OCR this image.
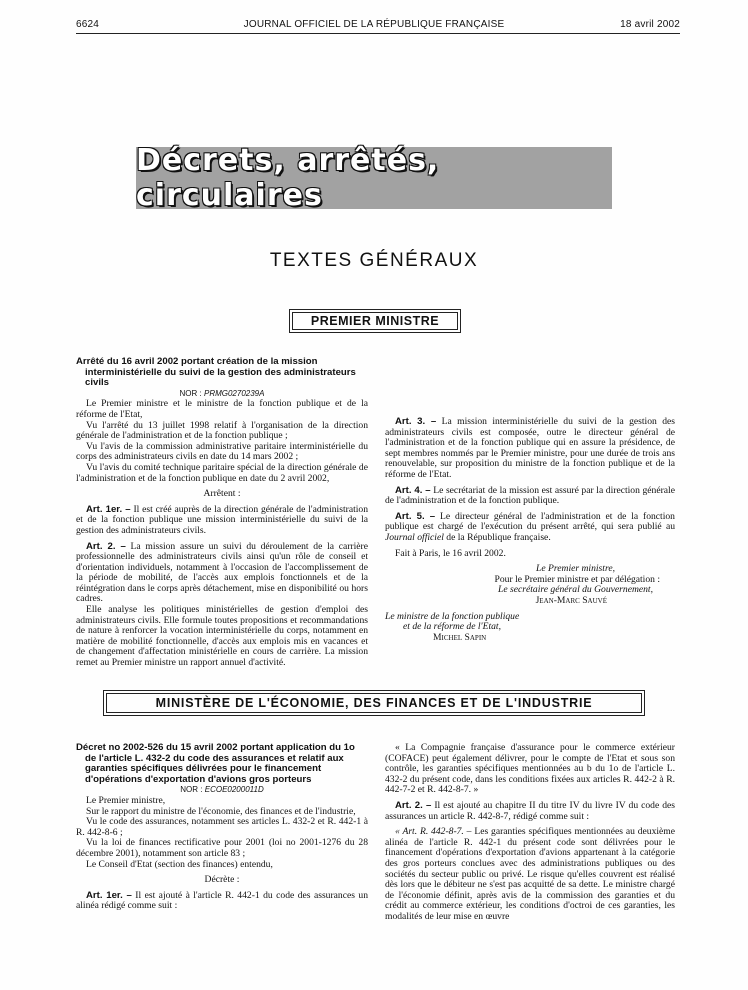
6624	JOURNAL OFFICIEL DE LA RÉPUBLIQUE FRANÇAISE	18 avril 2002
Décrets, arrêtés, circulaires
TEXTES GÉNÉRAUX
PREMIER MINISTRE

Arrêté du 16 avril 2002 portant création de la mission interministérielle du suivi de la gestion des administrateurs civils

NOR : PRMG0270239A

Le Premier ministre et le ministre de la fonction publique et de la réforme de l'Etat,

Vu l'arrêté du 13 juillet 1998 relatif à l'organisation de la direction générale de l'administration et de la fonction publique ;

Vu l'avis de la commission administrative paritaire interministérielle du corps des administrateurs civils en date du 14 mars 2002 ;

Vu l'avis du comité technique paritaire spécial de la direction générale de l'administration et de la fonction publique en date du 2 avril 2002,

Arrêtent :

Art. 1er. – Il est créé auprès de la direction générale de l'administration et de la fonction publique une mission interministérielle du suivi de la gestion des administrateurs civils.

Art. 2. – La mission assure un suivi du déroulement de la carrière professionnelle des administrateurs civils ainsi qu'un rôle de conseil et d'orientation individuels, notamment à l'occasion de l'accomplissement de la période de mobilité, de l'accès aux emplois fonctionnels et de la réintégration dans le corps après détachement, mise en disponibilité ou hors cadres.

Elle analyse les politiques ministérielles de gestion d'emploi des administrateurs civils. Elle formule toutes propositions et recommandations de nature à renforcer la vocation interministérielle du corps, notamment en matière de mobilité fonctionnelle, d'accès aux emplois mis en vacances et de changement d'affectation ministérielle en cours de carrière. La mission remet au Premier ministre un rapport annuel d'activité.

Art. 3. – La mission interministérielle du suivi de la gestion des administrateurs civils est composée, outre le directeur général de l'administration et de la fonction publique qui en assure la présidence, de sept membres nommés par le Premier ministre, pour une durée de trois ans renouvelable, sur proposition du ministre de la fonction publique et de la réforme de l'Etat.

Art. 4. – Le secrétariat de la mission est assuré par la direction générale de l'administration et de la fonction publique.

Art. 5. – Le directeur général de l'administration et de la fonction publique est chargé de l'exécution du présent arrêté, qui sera publié au Journal officiel de la République française.

Fait à Paris, le 16 avril 2002.

Le Premier ministre,

Pour le Premier ministre et par délégation :

Le secrétaire général du Gouvernement,

Jean-Marc Sauvé

Le ministre de la fonction publique

et de la réforme de l'Etat,

Michel Sapin

MINISTÈRE DE L'ÉCONOMIE, DES FINANCES ET DE L'INDUSTRIE

Décret no 2002-526 du 15 avril 2002 portant application du 1o de l'article L. 432-2 du code des assurances et relatif aux garanties spécifiques délivrées pour le financement d'opérations d'exportation d'avions gros porteurs

NOR : ECOE0200011D

Le Premier ministre,

Sur le rapport du ministre de l'économie, des finances et de l'industrie,

Vu le code des assurances, notamment ses articles L. 432-2 et R. 442-1 à R. 442-8-6 ;

Vu la loi de finances rectificative pour 2001 (loi no 2001-1276 du 28 décembre 2001), notamment son article 83 ;

Le Conseil d'Etat (section des finances) entendu,

Décrète :

Art. 1er. – Il est ajouté à l'article R. 442-1 du code des assurances un alinéa rédigé comme suit :

« La Compagnie française d'assurance pour le commerce extérieur (COFACE) peut également délivrer, pour le compte de l'Etat et sous son contrôle, les garanties spécifiques mentionnées au b du 1o de l'article L. 432-2 du présent code, dans les conditions fixées aux articles R. 442-2 à R. 442-7-2 et R. 442-8-7. »

Art. 2. – Il est ajouté au chapitre II du titre IV du livre IV du code des assurances un article R. 442-8-7, rédigé comme suit :

« Art. R. 442-8-7. – Les garanties spécifiques mentionnées au deuxième alinéa de l'article R. 442-1 du présent code sont délivrées pour le financement d'opérations d'exportation d'avions appartenant à la catégorie des gros porteurs conclues avec des administrations publiques ou des sociétés du secteur public ou privé. Le risque qu'elles couvrent est réalisé dès lors que le débiteur ne s'est pas acquitté de sa dette. Le ministre chargé de l'économie définit, après avis de la commission des garanties et du crédit au commerce extérieur, les conditions d'octroi de ces garanties, les modalités de leur mise en œuvre
